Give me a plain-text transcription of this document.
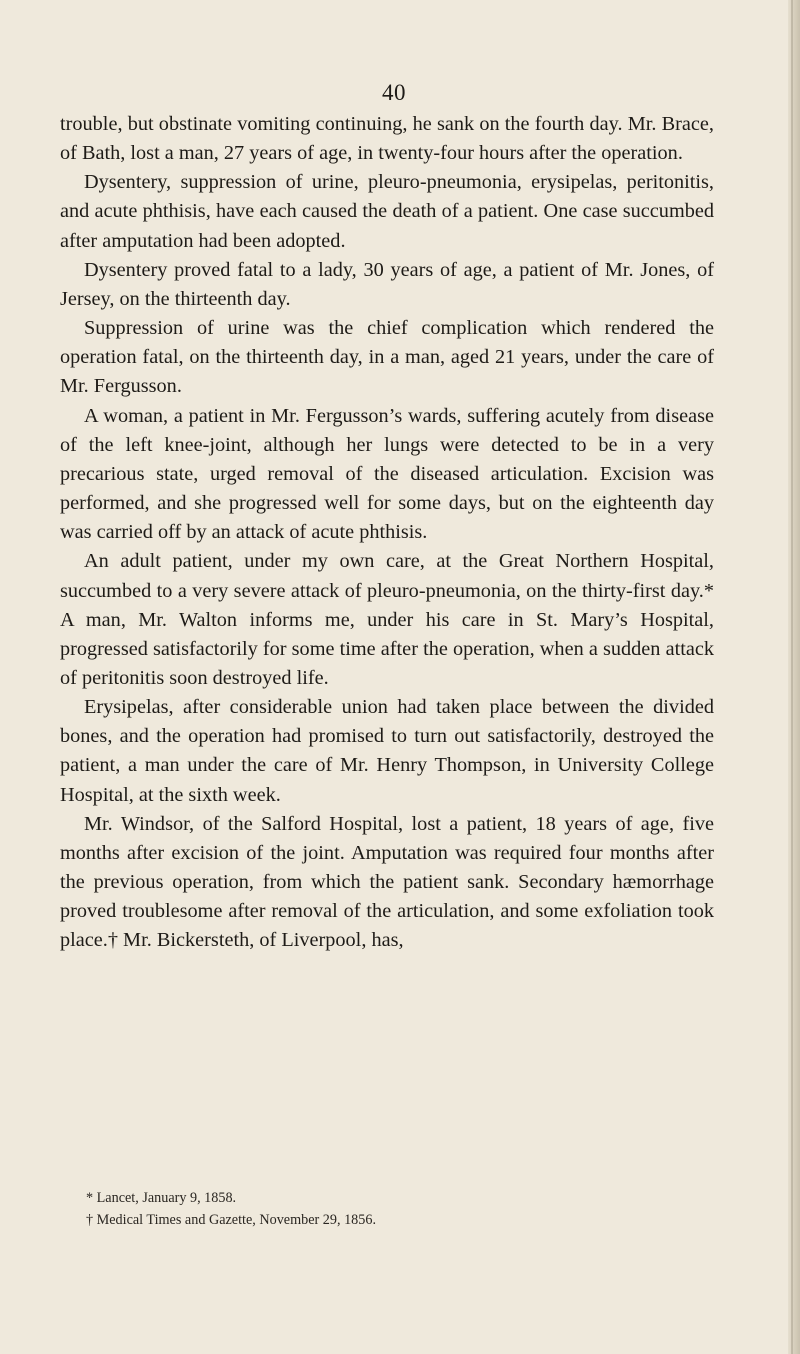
40

trouble, but obstinate vomiting continuing, he sank on the fourth day. Mr. Brace, of Bath, lost a man, 27 years of age, in twenty-four hours after the operation.

Dysentery, suppression of urine, pleuro-pneumonia, erysipelas, peritonitis, and acute phthisis, have each caused the death of a patient. One case succumbed after amputation had been adopted.

Dysentery proved fatal to a lady, 30 years of age, a patient of Mr. Jones, of Jersey, on the thirteenth day.

Suppression of urine was the chief complication which rendered the operation fatal, on the thirteenth day, in a man, aged 21 years, under the care of Mr. Fergusson.

A woman, a patient in Mr. Fergusson’s wards, suffering acutely from disease of the left knee-joint, although her lungs were detected to be in a very precarious state, urged removal of the diseased articulation. Excision was performed, and she progressed well for some days, but on the eighteenth day was carried off by an attack of acute phthisis.

An adult patient, under my own care, at the Great Northern Hospital, succumbed to a very severe attack of pleuro-pneumonia, on the thirty-first day.* A man, Mr. Walton informs me, under his care in St. Mary’s Hospital, progressed satisfactorily for some time after the operation, when a sudden attack of peritonitis soon destroyed life.

Erysipelas, after considerable union had taken place between the divided bones, and the operation had promised to turn out satisfactorily, destroyed the patient, a man under the care of Mr. Henry Thompson, in University College Hospital, at the sixth week.

Mr. Windsor, of the Salford Hospital, lost a patient, 18 years of age, five months after excision of the joint. Amputation was required four months after the previous operation, from which the patient sank. Secondary hæmorrhage proved troublesome after removal of the articulation, and some exfoliation took place.† Mr. Bickersteth, of Liverpool, has,

* Lancet, January 9, 1858.

† Medical Times and Gazette, November 29, 1856.
